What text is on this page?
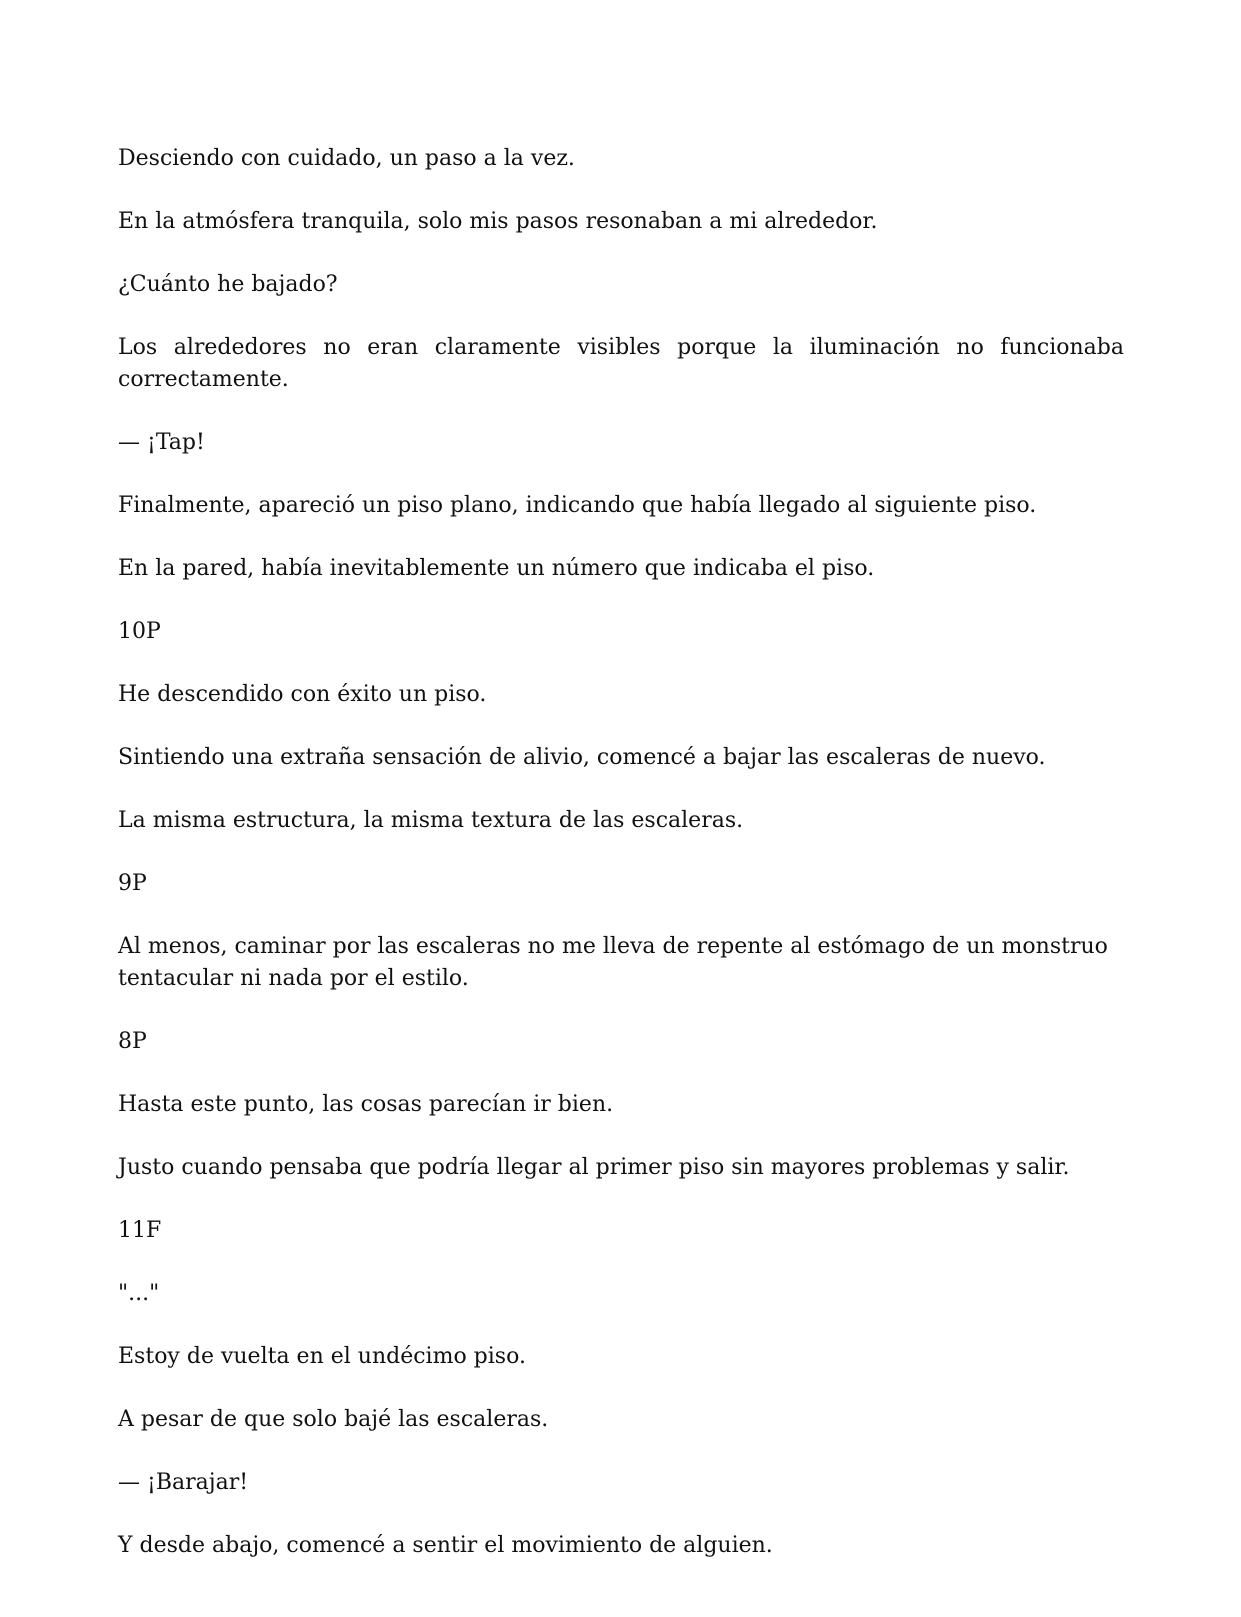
Desciendo con cuidado, un paso a la vez.

En la atmósfera tranquila, solo mis pasos resonaban a mi alrededor.

¿Cuánto he bajado?

Los alrededores no eran claramente visibles porque la iluminación no funcionaba correctamente.

— ¡Tap!

Finalmente, apareció un piso plano, indicando que había llegado al siguiente piso.

En la pared, había inevitablemente un número que indicaba el piso.

10P

He descendido con éxito un piso.

Sintiendo una extraña sensación de alivio, comencé a bajar las escaleras de nuevo.

La misma estructura, la misma textura de las escaleras.

9P

Al menos, caminar por las escaleras no me lleva de repente al estómago de un monstruo tentacular ni nada por el estilo.

8P

Hasta este punto, las cosas parecían ir bien.

Justo cuando pensaba que podría llegar al primer piso sin mayores problemas y salir.

11F

"..."

Estoy de vuelta en el undécimo piso.

A pesar de que solo bajé las escaleras.

— ¡Barajar!

Y desde abajo, comencé a sentir el movimiento de alguien.
